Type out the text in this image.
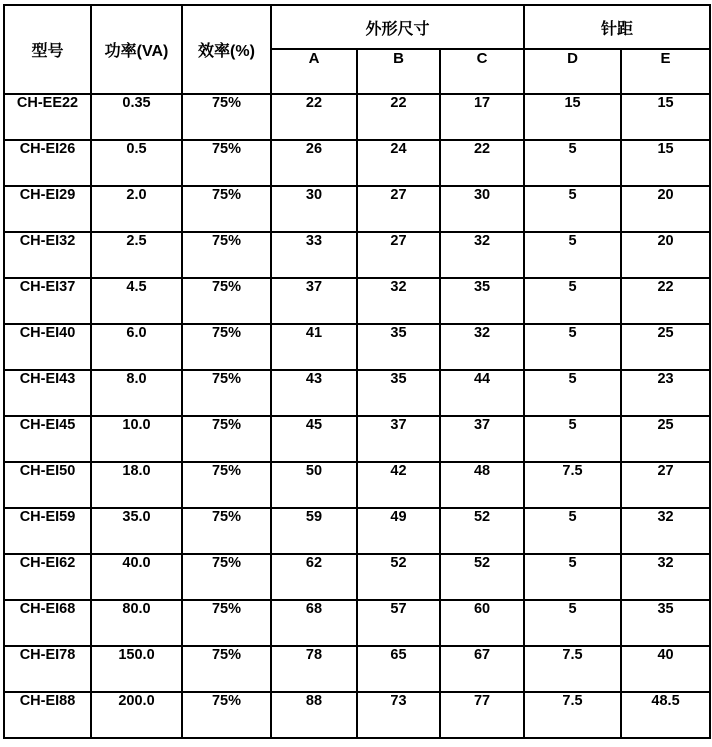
型号	功率(VA)	效率(%)	外形尺寸			针距	
			A	B	C	D	E
CH-EE22	0.35	75%	22	22	17	15	15
CH-EI26	0.5	75%	26	24	22	5	15
CH-EI29	2.0	75%	30	27	30	5	20
CH-EI32	2.5	75%	33	27	32	5	20
CH-EI37	4.5	75%	37	32	35	5	22
CH-EI40	6.0	75%	41	35	32	5	25
CH-EI43	8.0	75%	43	35	44	5	23
CH-EI45	10.0	75%	45	37	37	5	25
CH-EI50	18.0	75%	50	42	48	7.5	27
CH-EI59	35.0	75%	59	49	52	5	32
CH-EI62	40.0	75%	62	52	52	5	32
CH-EI68	80.0	75%	68	57	60	5	35
CH-EI78	150.0	75%	78	65	67	7.5	40
CH-EI88	200.0	75%	88	73	77	7.5	48.5
